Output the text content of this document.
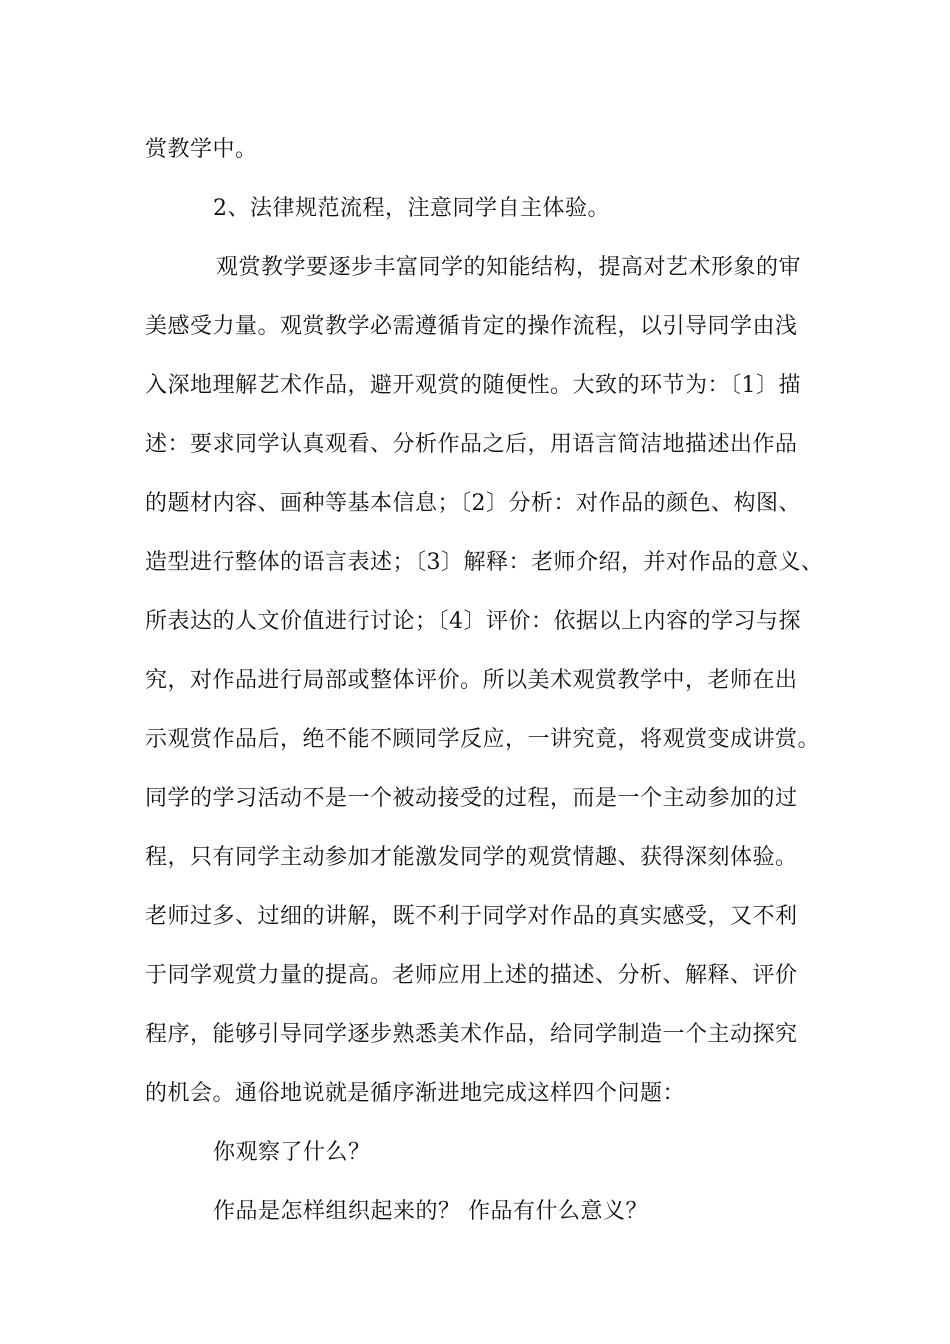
赏教学中。
2、法律规范流程，注意同学自主体验。
观赏教学要逐步丰富同学的知能结构，提高对艺术形象的审
美感受力量。观赏教学必需遵循肯定的操作流程，以引导同学由浅
入深地理解艺术作品，避开观赏的随便性。大致的环节为：〔1〕描
述：要求同学认真观看、分析作品之后，用语言简洁地描述出作品
的题材内容、画种等基本信息；〔2〕分析：对作品的颜色、构图、
造型进行整体的语言表述；〔3〕解释：老师介绍，并对作品的意义、
所表达的人文价值进行讨论；〔4〕评价：依据以上内容的学习与探
究，对作品进行局部或整体评价。所以美术观赏教学中，老师在出
示观赏作品后，绝不能不顾同学反应，一讲究竟，将观赏变成讲赏。
同学的学习活动不是一个被动接受的过程，而是一个主动参加的过
程，只有同学主动参加才能激发同学的观赏情趣、获得深刻体验。
老师过多、过细的讲解，既不利于同学对作品的真实感受，又不利
于同学观赏力量的提高。老师应用上述的描述、分析、解释、评价
程序，能够引导同学逐步熟悉美术作品，给同学制造一个主动探究
的机会。通俗地说就是循序渐进地完成这样四个问题：
你观察了什么？
作品是怎样组织起来的？ 作品有什么意义？
